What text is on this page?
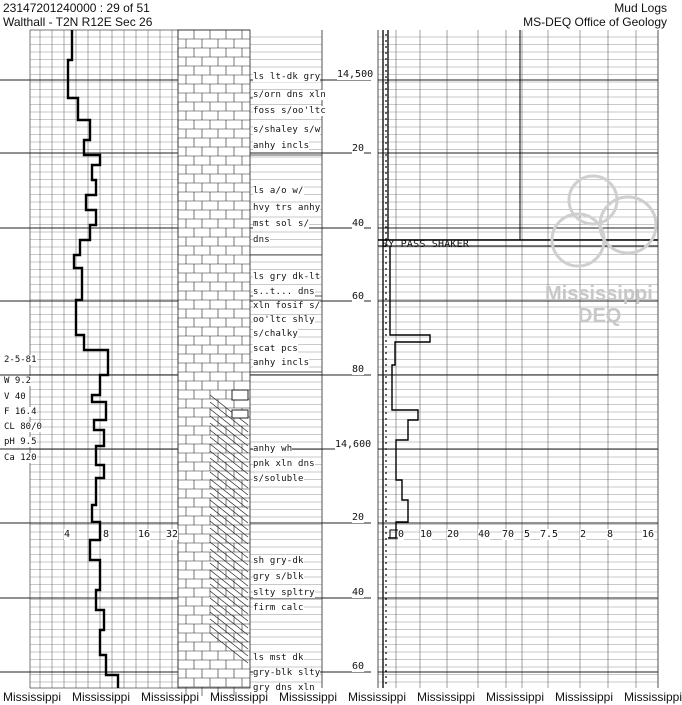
23147201240000 : 29 of 51
Walthall - T2N R12E Sec 26
Mud Logs
MS-DEQ Office of Geology
ls lt-dk gry
s/orn dns xln
foss s/oo'ltc
s/shaley s/w
anhy incls
ls a/o w/
hvy trs anhy
mst sol s/
dns
ls gry dk-lt
s..t... dns
xln fosif s/
oo'ltc shly
s/chalky
scat pcs
anhy incls
anhy wh
pnk xln dns
s/soluble
sh gry-dk
gry s/blk
slty spltry
firm calc
ls mst dk
gry-blk slty
gry dns xln
2-5-81
W 9.2
V 40
F 16.4
CL 80/0
pH 9.5
Ca 120
14,500
20
40
60
80
14,600
20
40
60
BY PASS SHAKER
4	8	16 32	0 10 20 40 70 5 7.5 2 8	16
Mississippi
DEQ
Mississippi Mississippi Mississippi Mississippi Mississippi Mississippi Mississippi Mississippi Mississippi Mississippi
